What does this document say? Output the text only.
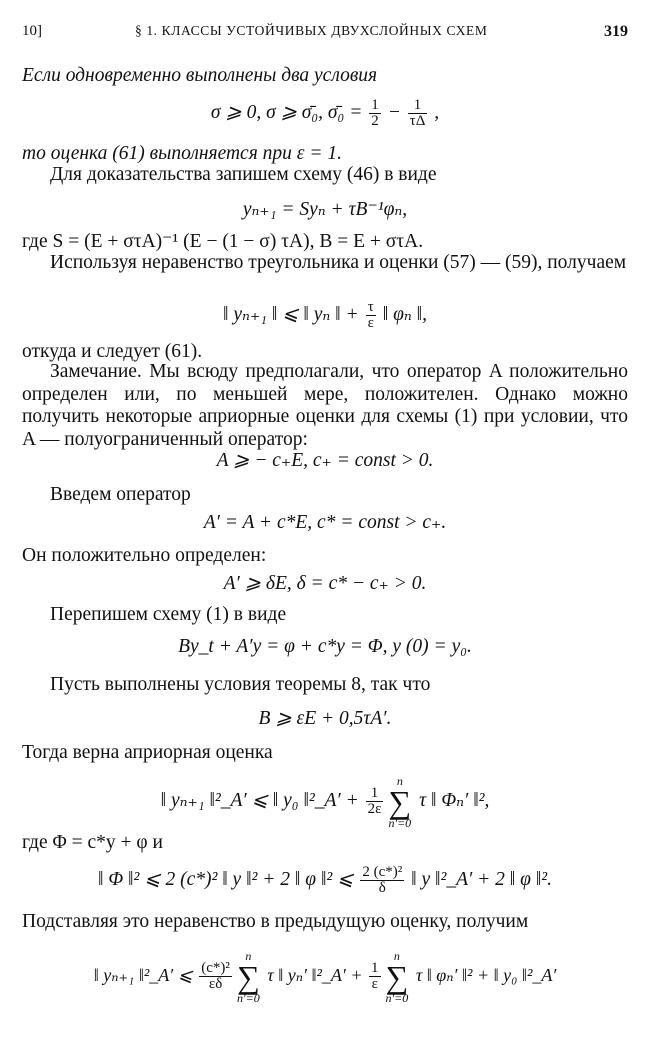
10]	§ 1. КЛАССЫ УСТОЙЧИВЫХ ДВУХСЛОЙНЫХ СХЕМ	319
Если одновременно выполнены два условия
σ ⩾ 0, σ ⩾ σ̄₀, σ̄₀ = $\frac{1}{2} - \frac{1}{\tau\Delta}$ ,
то оценка (61) выполняется при ε = 1.
Для доказательства запишем схему (46) в виде
yₙ₊₁ = Syₙ + τB⁻¹φₙ,
где S = (E + στA)⁻¹ (E − (1 − σ) τA), B = E + στA.
Используя неравенство треугольника и оценки (57) — (59), получаем
‖ yₙ₊₁ ‖ ⩽ ‖ yₙ ‖ + $\frac{\tau}{\varepsilon}$ ‖ φₙ ‖,
откуда и следует (61).
Замечание. Мы всюду предполагали, что оператор A положительно определен или, по меньшей мере, положителен. Однако можно получить некоторые априорные оценки для схемы (1) при условии, что A — полуограниченный оператор:
A ⩾ − c₊E, c₊ = const > 0.
Введем оператор
A′ = A + c*E, c* = const > c₊.
Он положительно определен:
A′ ⩾ δE, δ = c* − c₊ > 0.
Перепишем схему (1) в виде
By_t + A′y = φ + c*y = Φ, y (0) = y₀.
Пусть выполнены условия теоремы 8, так что
B ⩾ εE + 0,5τA′.
Тогда верна априорная оценка
‖ yₙ₊₁ ‖²_A′ ⩽ ‖ y₀ ‖²_A′ + $\frac{1}{2\varepsilon}$
n
∑
n′=0
τ ‖ Φₙ′ ‖²,
где Φ = c*y + φ и
‖ Φ ‖² ⩽ 2 (c*)² ‖ y ‖² + 2 ‖ φ ‖² ⩽ $\frac{\text{2 (c*)²}}{\delta}$ ‖ y ‖²_A′ + 2 ‖ φ ‖².
Подставляя это неравенство в предыдущую оценку, получим
‖ yₙ₊₁ ‖²_A′ ⩽ $\frac{\text{(c*)²}}{\varepsilon\delta}$
n
∑
n′=0
τ ‖ yₙ′ ‖²_A′ + $\frac{1}{\varepsilon}$
n
∑
n′=0
τ ‖ φₙ′ ‖² + ‖ y₀ ‖²_A′
